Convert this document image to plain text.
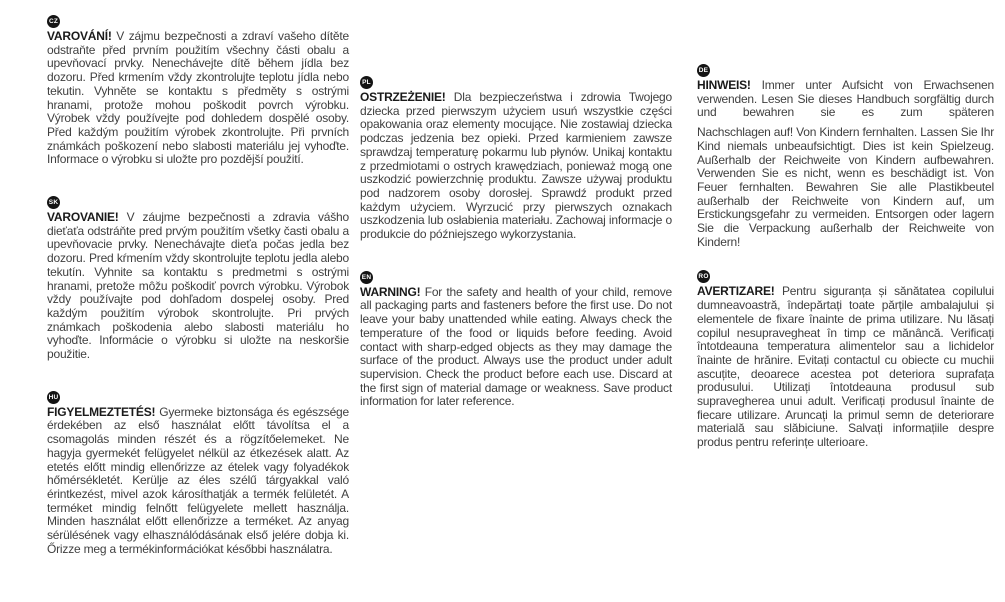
CZ

VAROVÁNÍ! V zájmu bezpečnosti a zdraví vašeho dítěte odstraňte před prvním použitím všechny části obalu a upevňovací prvky. Nenechávejte dítě během jídla bez dozoru. Před krmením vždy zkontrolujte teplotu jídla nebo tekutin. Vyhněte se kontaktu s předměty s ostrými hranami, protože mohou poškodit povrch výrobku. Výrobek vždy používejte pod dohledem dospělé osoby. Před každým použitím výrobek zkontrolujte. Při prvních známkách poškození nebo slabosti materiálu jej vyhoďte. Informace o výrobku si uložte pro pozdější použití.

SK

VAROVANIE! V záujme bezpečnosti a zdravia vášho dieťaťa odstráňte pred prvým použitím všetky časti obalu a upevňovacie prvky. Nenechávajte dieťa počas jedla bez dozoru. Pred kŕmením vždy skontrolujte teplotu jedla alebo tekutín. Vyhnite sa kontaktu s predmetmi s ostrými hranami, pretože môžu poškodiť povrch výrobku. Výrobok vždy používajte pod dohľadom dospelej osoby. Pred každým použitím výrobok skontrolujte. Pri prvých známkach poškodenia alebo slabosti materiálu ho vyhoďte. Informácie o výrobku si uložte na neskoršie použitie.

HU

FIGYELMEZTETÉS! Gyermeke biztonsága és egészsége érdekében az első használat előtt távolítsa el a csomagolás minden részét és a rögzítőelemeket. Ne hagyja gyermekét felügyelet nélkül az étkezések alatt. Az etetés előtt mindig ellenőrizze az ételek vagy folyadékok hőmérsékletét. Kerülje az éles szélű tárgyakkal való érintkezést, mivel azok károsíthatják a termék felületét. A terméket mindig felnőtt felügyelete mellett használja. Minden használat előtt ellenőrizze a terméket. Az anyag sérülésének vagy elhasználódásának első jelére dobja ki. Őrizze meg a termékinformációkat későbbi használatra.

PL

OSTRZEŻENIE! Dla bezpieczeństwa i zdrowia Twojego dziecka przed pierwszym użyciem usuń wszystkie części opakowania oraz elementy mocujące. Nie zostawiaj dziecka podczas jedzenia bez opieki. Przed karmieniem zawsze sprawdzaj temperaturę pokarmu lub płynów. Unikaj kontaktu z przedmiotami o ostrych krawędziach, ponieważ mogą one uszkodzić powierzchnię produktu. Zawsze używaj produktu pod nadzorem osoby dorosłej. Sprawdź produkt przed każdym użyciem. Wyrzucić przy pierwszych oznakach uszkodzenia lub osłabienia materiału. Zachowaj informacje o produkcie do późniejszego wykorzystania.

EN

WARNING! For the safety and health of your child, remove all packaging parts and fasteners before the first use. Do not leave your baby unattended while eating. Always check the temperature of the food or liquids before feeding. Avoid contact with sharp-edged objects as they may damage the surface of the product. Always use the product under adult supervision. Check the product before each use. Discard at the first sign of material damage or weakness. Save product information for later reference.

DE

HINWEIS! Immer unter Aufsicht von Erwachsenen verwenden. Lesen Sie dieses Handbuch sorgfältig durch und bewahren sie es zum späteren

Nachschlagen auf! Von Kindern fernhalten. Lassen Sie Ihr Kind niemals unbeaufsichtigt. Dies ist kein Spielzeug. Außerhalb der Reichweite von Kindern aufbewahren. Verwenden Sie es nicht, wenn es beschädigt ist. Von Feuer fernhalten. Bewahren Sie alle Plastikbeutel außerhalb der Reichweite von Kindern auf, um Erstickungsgefahr zu vermeiden. Entsorgen oder lagern Sie die Verpackung außerhalb der Reichweite von Kindern!

RO

AVERTIZARE! Pentru siguranța și sănătatea copilului dumneavoastră, îndepărtați toate părțile ambalajului și elementele de fixare înainte de prima utilizare. Nu lăsați copilul nesupravegheat în timp ce mănâncă. Verificați întotdeauna temperatura alimentelor sau a lichidelor înainte de hrănire. Evitați contactul cu obiecte cu muchii ascuțite, deoarece acestea pot deteriora suprafața produsului. Utilizați întotdeauna produsul sub supravegherea unui adult. Verificați produsul înainte de fiecare utilizare. Aruncați la primul semn de deteriorare materială sau slăbiciune. Salvați informațiile despre produs pentru referințe ulterioare.
